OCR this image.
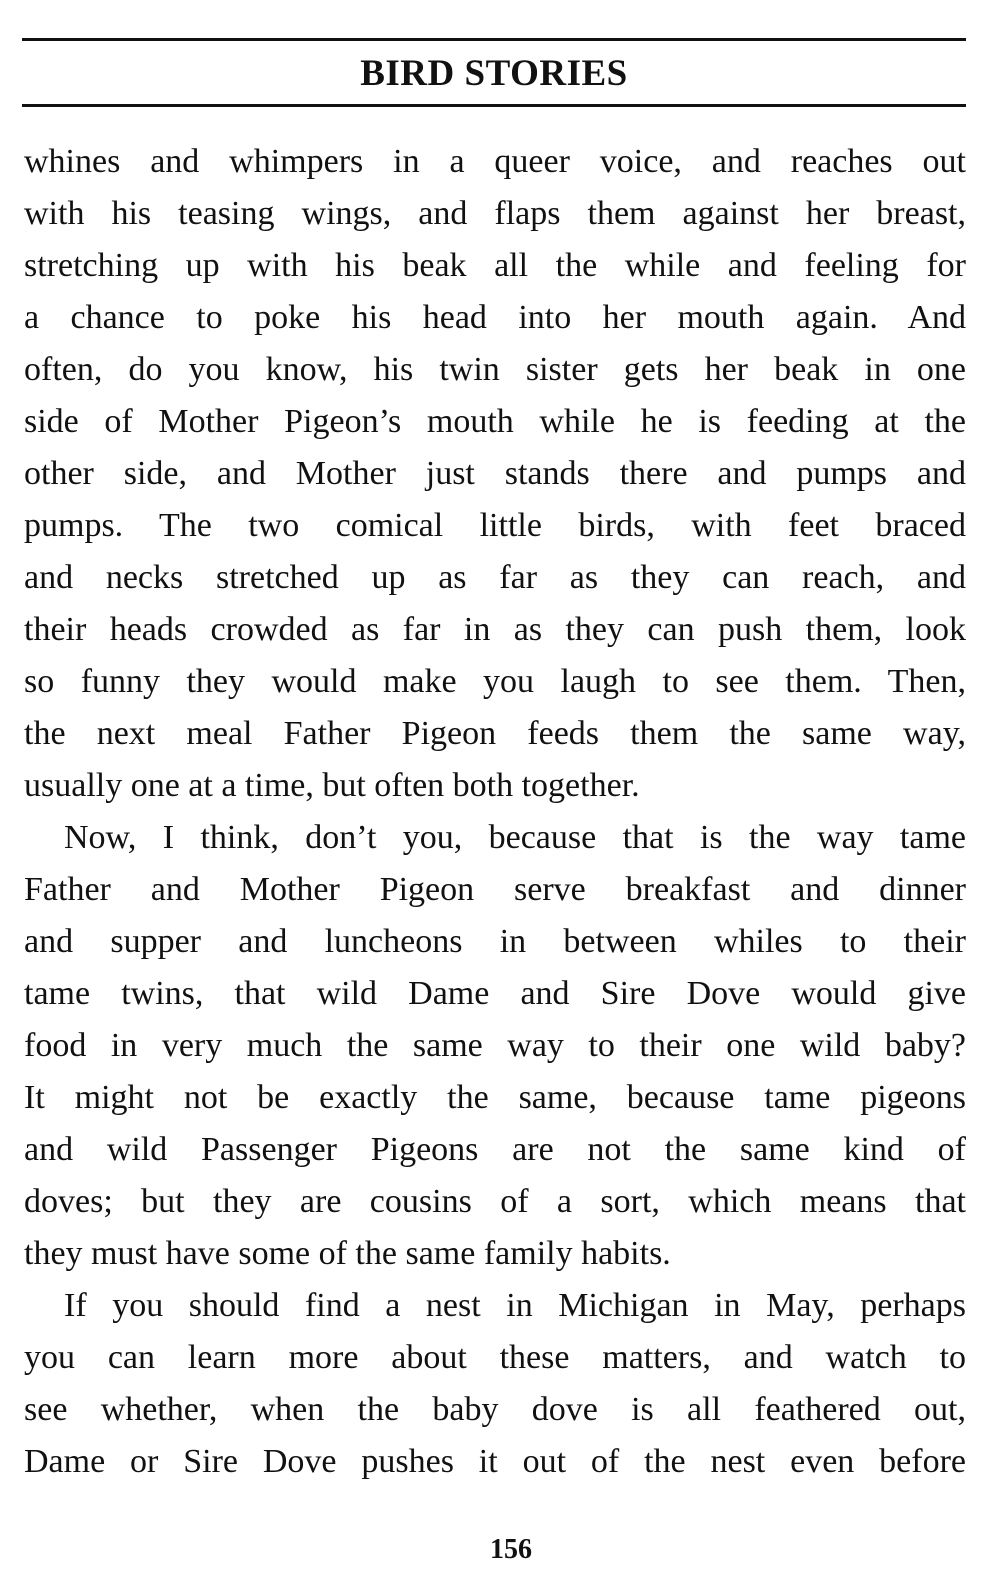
BIRD STORIES
whines and whimpers in a queer voice, and reaches out
with his teasing wings, and flaps them against her breast,
stretching up with his beak all the while and feeling for
a chance to poke his head into her mouth again. And
often, do you know, his twin sister gets her beak in one
side of Mother Pigeon’s mouth while he is feeding at the
other side, and Mother just stands there and pumps and
pumps. The two comical little birds, with feet braced
and necks stretched up as far as they can reach, and
their heads crowded as far in as they can push them, look
so funny they would make you laugh to see them. Then,
the next meal Father Pigeon feeds them the same way,
usually one at a time, but often both together.
Now, I think, don’t you, because that is the way tame
Father and Mother Pigeon serve breakfast and dinner
and supper and luncheons in between whiles to their
tame twins, that wild Dame and Sire Dove would give
food in very much the same way to their one wild baby?
It might not be exactly the same, because tame pigeons
and wild Passenger Pigeons are not the same kind of
doves; but they are cousins of a sort, which means that
they must have some of the same family habits.
If you should find a nest in Michigan in May, perhaps
you can learn more about these matters, and watch to
see whether, when the baby dove is all feathered out,
Dame or Sire Dove pushes it out of the nest even before
156
